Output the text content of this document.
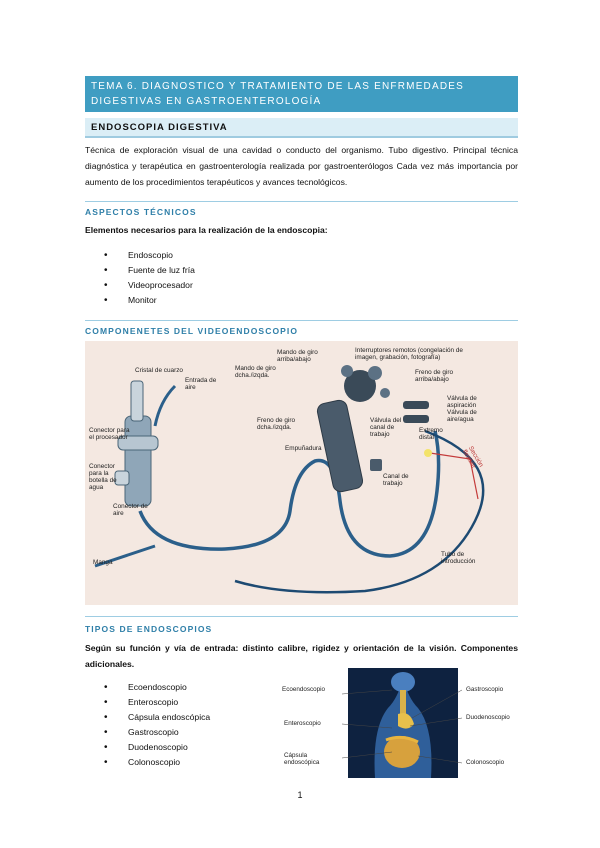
TEMA 6. DIAGNOSTICO Y TRATAMIENTO DE LAS ENFRMEDADES DIGESTIVAS EN GASTROENTEROLOGÍA
ENDOSCOPIA DIGESTIVA
Técnica de exploración visual de una cavidad o conducto del organismo. Tubo digestivo. Principal técnica diagnóstica y terapéutica en gastroenterología realizada por gastroenterólogos Cada vez más importancia por aumento de los procedimientos terapéuticos y avances tecnológicos.
ASPECTOS TÉCNICOS
Elementos necesarios para la realización de la endoscopia:
• Endoscopio
• Fuente de luz fría
• Videoprocesador
• Monitor
COMPONENETES DEL VIDEOENDOSCOPIO
Cristal de cuarzo
Entrada de aire
Conector para el procesador
Conector para la botella de agua
Conector de aire
Manga
Mando de giro arriba/abajo
Mando de giro dcha./izqda.
Interruptores remotos (congelación de imagen, grabación, fotografía)
Freno de giro arriba/abajo
Válvula de aspiración
Válvula de aire/agua
Freno de giro dcha./izqda.
Empuñadura
Válvula del canal de trabajo
Extremo distal
Sección flexible
Canal de trabajo
Tubo de introducción
TIPOS DE ENDOSCOPIOS
Según su función y vía de entrada: distinto calibre, rigidez y orientación de la visión. Componentes adicionales.
• Ecoendoscopio
• Enteroscopio
• Cápsula endoscópica
• Gastroscopio
• Duodenoscopio
• Colonoscopio
Ecoendoscopio
Enteroscopio
Cápsula endoscópica
Gastroscopio
Duodenoscopio
Colonoscopio
1
